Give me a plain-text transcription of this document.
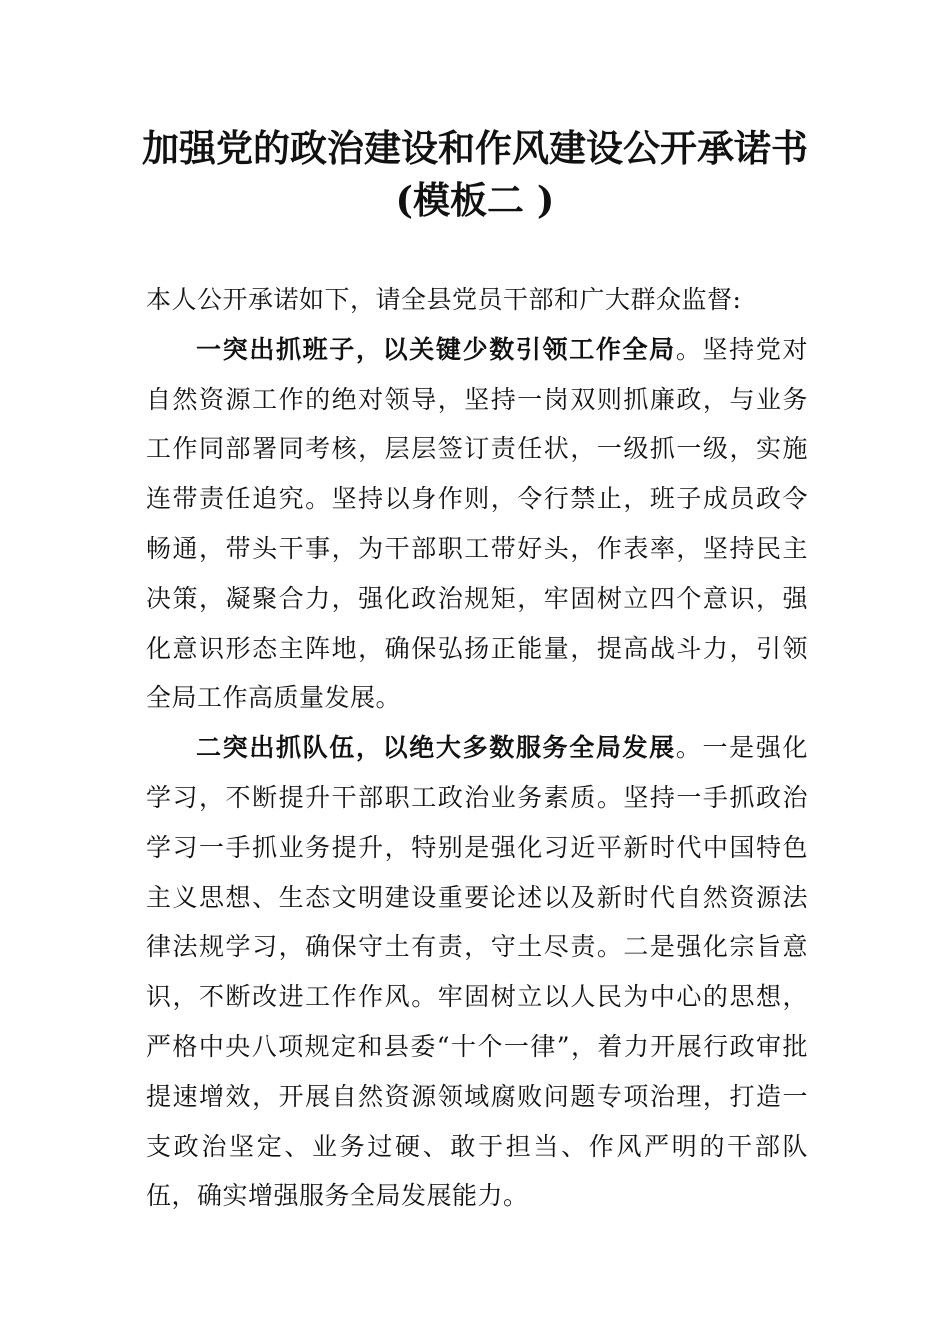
加强党的政治建设和作风建设公开承诺书
(模板二 )

本人公开承诺如下，请全县党员干部和广大群众监督:

一突出抓班子，以关键少数引领工作全局。坚持党对自然资源工作的绝对领导，坚持一岗双则抓廉政，与业务工作同部署同考核，层层签订责任状，一级抓一级，实施连带责任追究。坚持以身作则，令行禁止，班子成员政令畅通，带头干事，为干部职工带好头，作表率，坚持民主决策，凝聚合力，强化政治规矩，牢固树立四个意识，强化意识形态主阵地，确保弘扬正能量，提高战斗力，引领全局工作高质量发展。

二突出抓队伍，以绝大多数服务全局发展。一是强化学习，不断提升干部职工政治业务素质。坚持一手抓政治学习一手抓业务提升，特别是强化习近平新时代中国特色主义思想、生态文明建设重要论述以及新时代自然资源法律法规学习，确保守土有责，守土尽责。二是强化宗旨意识，不断改进工作作风。牢固树立以人民为中心的思想，严格中央八项规定和县委“十个一律”，着力开展行政审批提速增效，开展自然资源领域腐败问题专项治理，打造一支政治坚定、业务过硬、敢于担当、作风严明的干部队伍，确实增强服务全局发展能力。
